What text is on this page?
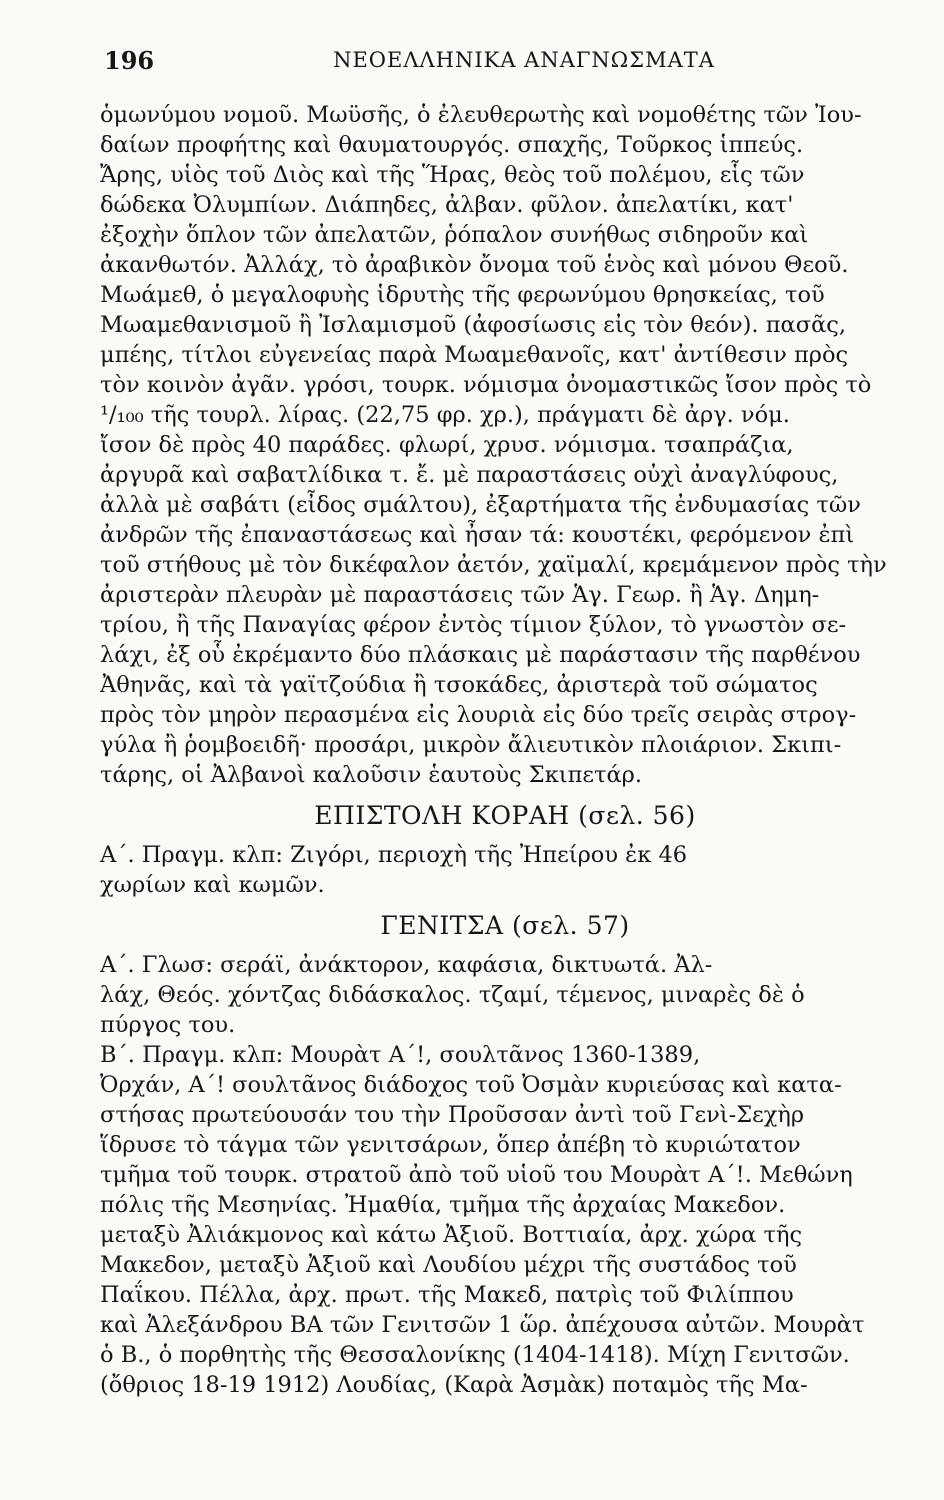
196	ΝΕΟΕΛΛΗΝΙΚΑ ΑΝΑΓΝΩΣΜΑΤΑ
ὁμωνύμου νομοῦ. Μωϋσῆς, ὁ ἐλευθερωτὴς καὶ νομοθέτης τῶν Ἰου-
δαίων προφήτης καὶ θαυματουργός. σπαχῆς, Τοῦρκος ἱππεύς.
Ἄρης, υἱὸς τοῦ Διὸς καὶ τῆς Ἥρας, θεὸς τοῦ πολέμου, εἷς τῶν
δώδεκα Ὀλυμπίων. Διάπηδες, ἀλβαν. φῦλον. ἀπελατίκι, κατ'
ἐξοχὴν ὅπλον τῶν ἀπελατῶν, ῥόπαλον συνήθως σιδηροῦν καὶ
ἀκανθωτόν. Ἀλλάχ, τὸ ἀραβικὸν ὄνομα τοῦ ἑνὸς καὶ μόνου Θεοῦ.
Μωάμεθ, ὁ μεγαλοφυὴς ἱδρυτὴς τῆς φερωνύμου θρησκείας, τοῦ
Μωαμεθανισμοῦ ἢ Ἰσλαμισμοῦ (ἀφοσίωσις εἰς τὸν θεόν). πασᾶς,
μπέης, τίτλοι εὐγενείας παρὰ Μωαμεθανοῖς, κατ' ἀντίθεσιν πρὸς
τὸν κοινὸν ἀγᾶν. γρόσι, τουρκ. νόμισμα ὀνομαστικῶς ἴσον πρὸς τὸ
¹/₁₀₀ τῆς τουρλ. λίρας. (22,75 φρ. χρ.), πράγματι δὲ ἀργ. νόμ.
ἴσον δὲ πρὸς 40 παράδες. φλωρί, χρυσ. νόμισμα. τσαπράζια,
ἀργυρᾶ καὶ σαβατλίδικα τ. ἔ. μὲ παραστάσεις οὐχὶ ἀναγλύφους,
ἀλλὰ μὲ σαβάτι (εἶδος σμάλτου), ἐξαρτήματα τῆς ἐνδυμασίας τῶν
ἀνδρῶν τῆς ἐπαναστάσεως καὶ ἦσαν τά: κουστέκι, φερόμενον ἐπὶ
τοῦ στήθους μὲ τὸν δικέφαλον ἀετόν, χαϊμαλί, κρεμάμενον πρὸς τὴν
ἀριστερὰν πλευρὰν μὲ παραστάσεις τῶν Ἁγ. Γεωρ. ἢ Ἁγ. Δημη-
τρίου, ἢ τῆς Παναγίας φέρον ἐντὸς τίμιον ξύλον, τὸ γνωστὸν σε-
λάχι, ἐξ οὗ ἐκρέμαντο δύο πλάσκαις μὲ παράστασιν τῆς παρθένου
Ἀθηνᾶς, καὶ τὰ γαϊτζούδια ἢ τσοκάδες, ἀριστερὰ τοῦ σώματος
πρὸς τὸν μηρὸν περασμένα εἰς λουριὰ εἰς δύο τρεῖς σειρὰς στρογ-
γύλα ἢ ῥομβοειδῆ· προσάρι, μικρὸν ἄλιευτικὸν πλοιάριον. Σκιπι-
τάρης, οἱ Ἀλβανοὶ καλοῦσιν ἑαυτοὺς Σκιπετάρ.
ΕΠΙΣΤΟΛΗ ΚΟΡΑΗ (σελ. 56)
Α΄. Πραγμ. κλπ: Ζιγόρι, περιοχὴ τῆς Ἠπείρου ἐκ 46
χωρίων καὶ κωμῶν.
ΓΕΝΙΤΣΑ (σελ. 57)
Α΄. Γλωσ: σεράϊ, ἀνάκτορον, καφάσια, δικτυωτά. Ἀλ-
λάχ, Θεός. χόντζας διδάσκαλος. τζαμί, τέμενος, μιναρὲς δὲ ὁ
πύργος του.
Β΄. Πραγμ. κλπ: Μουρὰτ Α΄!, σουλτᾶνος 1360-1389,
Ὀρχάν, Α΄! σουλτᾶνος διάδοχος τοῦ Ὀσμὰν κυριεύσας καὶ κατα-
στήσας πρωτεύουσάν του τὴν Προῦσσαν ἀντὶ τοῦ Γενὶ-Σεχὴρ
ἵδρυσε τὸ τάγμα τῶν γενιτσάρων, ὅπερ ἀπέβη τὸ κυριώτατον
τμῆμα τοῦ τουρκ. στρατοῦ ἀπὸ τοῦ υἱοῦ του Μουρὰτ Α΄!. Μεθώνη
πόλις τῆς Μεσηνίας. Ἠμαθία, τμῆμα τῆς ἀρχαίας Μακεδον.
μεταξὺ Ἀλιάκμονος καὶ κάτω Ἀξιοῦ. Βοττιαία, ἀρχ. χώρα τῆς
Μακεδον, μεταξὺ Ἀξιοῦ καὶ Λουδίου μέχρι τῆς συστάδος τοῦ
Παΐκου. Πέλλα, ἀρχ. πρωτ. τῆς Μακεδ, πατρὶς τοῦ Φιλίππου
καὶ Ἀλεξάνδρου ΒΑ τῶν Γενιτσῶν 1 ὥρ. ἀπέχουσα αὐτῶν. Μουρὰτ
ὁ Β., ὁ πορθητὴς τῆς Θεσσαλονίκης (1404-1418). Μίχη Γενιτσῶν.
(ὄθριος 18-19 1912) Λουδίας, (Καρὰ Ἀσμὰκ) ποταμὸς τῆς Μα-
